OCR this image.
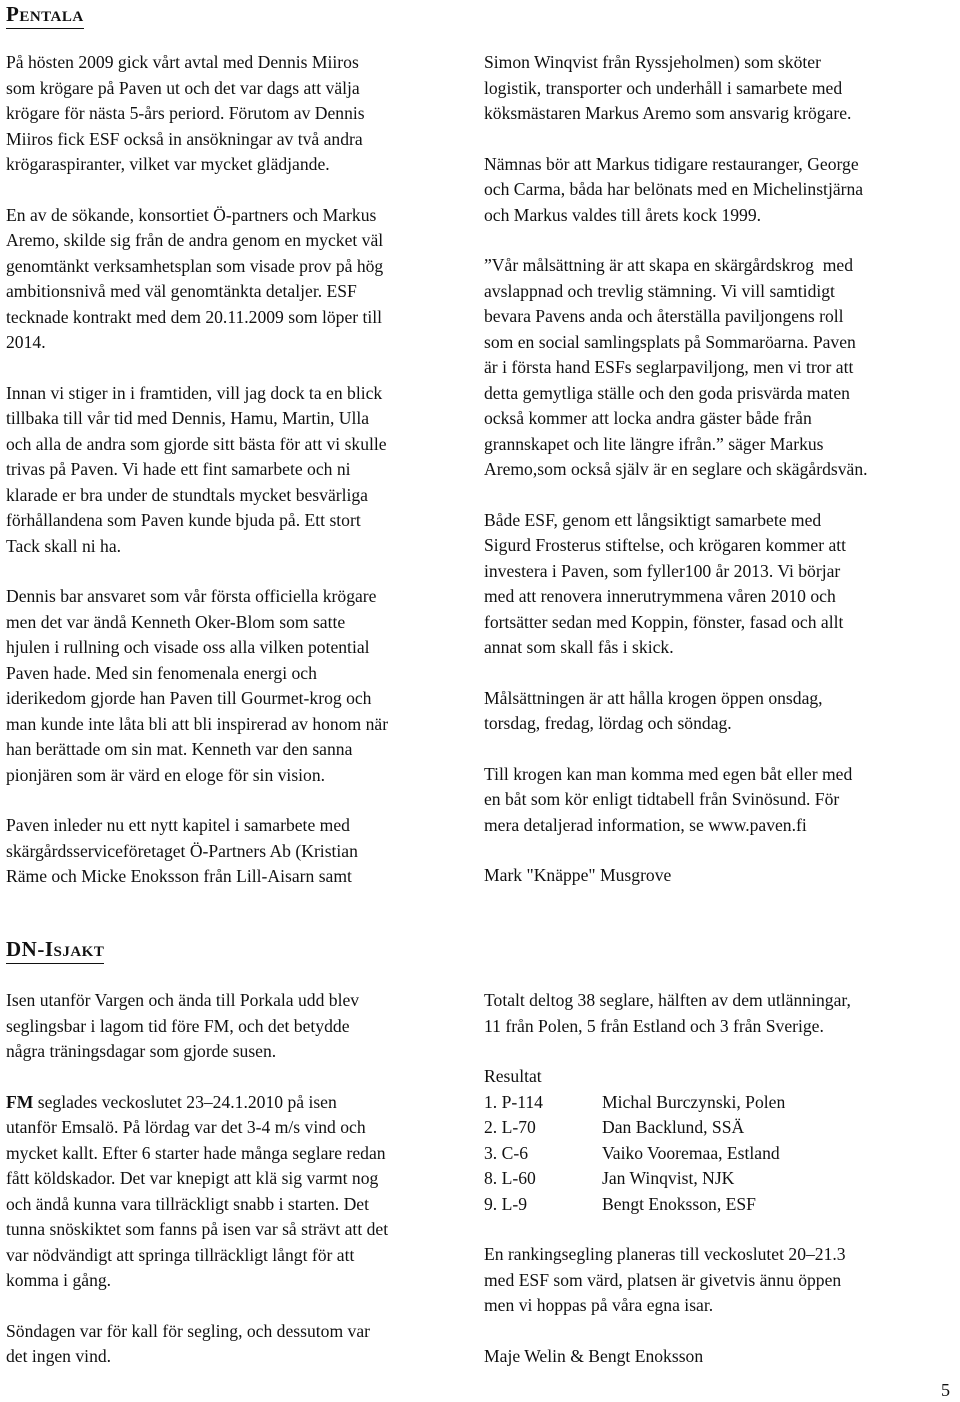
PENTALA
På hösten 2009 gick vårt avtal med Dennis Miiros
som krögare på Paven ut och det var dags att välja
krögare för nästa 5-års periord. Förutom av Dennis
Miiros fick ESF också in ansökningar av två andra
krögaraspiranter, vilket var mycket glädjande.
En av de sökande, konsortiet Ö-partners och Markus
Aremo, skilde sig från de andra genom en mycket väl
genomtänkt verksamhetsplan som visade prov på hög
ambitionsnivå med väl genomtänkta detaljer. ESF
tecknade kontrakt med dem 20.11.2009 som löper till
2014.
Innan vi stiger in i framtiden, vill jag dock ta en blick
tillbaka till vår tid med Dennis, Hamu, Martin, Ulla
och alla de andra som gjorde sitt bästa för att vi skulle
trivas på Paven. Vi hade ett fint samarbete och ni
klarade er bra under de stundtals mycket besvärliga
förhållandena som Paven kunde bjuda på. Ett stort
Tack skall ni ha.
Dennis bar ansvaret som vår första officiella krögare
men det var ändå Kenneth Oker-Blom som satte
hjulen i rullning och visade oss alla vilken potential
Paven hade. Med sin fenomenala energi och
iderikedom gjorde han Paven till Gourmet-krog och
man kunde inte låta bli att bli inspirerad av honom när
han berättade om sin mat. Kenneth var den sanna
pionjären som är värd en eloge för sin vision.
Paven inleder nu ett nytt kapitel i samarbete med
skärgårdsserviceföretaget Ö-Partners Ab (Kristian
Räme och Micke Enoksson från Lill-Aisarn samt
Simon Winqvist från Ryssjeholmen) som sköter
logistik, transporter och underhåll i samarbete med
köksmästaren Markus Aremo som ansvarig krögare.
Nämnas bör att Markus tidigare restauranger, George
och Carma, båda har belönats med en Michelinstjärna
och Markus valdes till årets kock 1999.
”Vår målsättning är att skapa en skärgårdskrog  med
avslappnad och trevlig stämning. Vi vill samtidigt
bevara Pavens anda och återställa paviljongens roll
som en social samlingsplats på Sommaröarna. Paven
är i första hand ESFs seglarpaviljong, men vi tror att
detta gemytliga ställe och den goda prisvärda maten
också kommer att locka andra gäster både från
grannskapet och lite längre ifrån.” säger Markus
Aremo,som också själv är en seglare och skägårdsvän.
Både ESF, genom ett långsiktigt samarbete med
Sigurd Frosterus stiftelse, och krögaren kommer att
investera i Paven, som fyller100 år 2013. Vi börjar
med att renovera innerutrymmena våren 2010 och
fortsätter sedan med Koppin, fönster, fasad och allt
annat som skall fås i skick.
Målsättningen är att hålla krogen öppen onsdag,
torsdag, fredag, lördag och söndag.
Till krogen kan man komma med egen båt eller med
en båt som kör enligt tidtabell från Svinösund. För
mera detaljerad information, se www.paven.fi
Mark "Knäppe" Musgrove
DN-ISJAKT
Isen utanför Vargen och ända till Porkala udd blev
seglingsbar i lagom tid före FM, och det betydde
några träningsdagar som gjorde susen.
FM seglades veckoslutet 23–24.1.2010 på isen
utanför Emsalö. På lördag var det 3-4 m/s vind och
mycket kallt. Efter 6 starter hade många seglare redan
fått köldskador. Det var knepigt att klä sig varmt nog
och ändå kunna vara tillräckligt snabb i starten. Det
tunna snöskiktet som fanns på isen var så strävt att det
var nödvändigt att springa tillräckligt långt för att
komma i gång.
Söndagen var för kall för segling, och dessutom var
det ingen vind.
Totalt deltog 38 seglare, hälften av dem utlänningar,
11 från Polen, 5 från Estland och 3 från Sverige.
Resultat
1. P-114	Michal Burczynski, Polen
2. L-70	Dan Backlund, SSÄ
3. C-6	Vaiko Vooremaa, Estland
8. L-60	Jan Winqvist, NJK
9. L-9	Bengt Enoksson, ESF
En rankingsegling planeras till veckoslutet 20–21.3
med ESF som värd, platsen är givetvis ännu öppen
men vi hoppas på våra egna isar.
Maje Welin & Bengt Enoksson
5
